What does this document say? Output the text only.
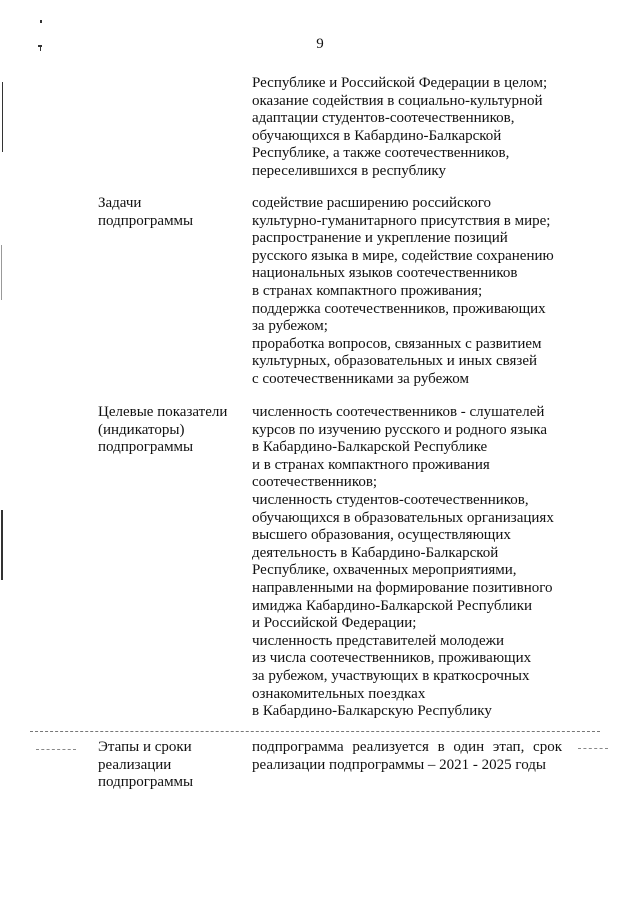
9
Республике и Российской Федерации в целом;
оказание содействия в социально-культурной
адаптации студентов-соотечественников,
обучающихся в Кабардино-Балкарской
Республике, а также соотечественников,
переселившихся в республику
Задачи
подпрограммы
содействие расширению российского
культурно-гуманитарного присутствия в мире;
распространение и укрепление позиций
русского языка в мире, содействие сохранению
национальных языков соотечественников
в странах компактного проживания;
поддержка соотечественников, проживающих
за рубежом;
проработка вопросов, связанных с развитием
культурных, образовательных и иных связей
с соотечественниками за рубежом
Целевые показатели
(индикаторы)
подпрограммы
численность соотечественников - слушателей
курсов по изучению русского и родного языка
в Кабардино-Балкарской Республике
и в странах компактного проживания
соотечественников;
численность студентов-соотечественников,
обучающихся в образовательных организациях
высшего образования, осуществляющих
деятельность в Кабардино-Балкарской
Республике, охваченных мероприятиями,
направленными на формирование позитивного
имиджа Кабардино-Балкарской Республики
и Российской Федерации;
численность представителей молодежи
из числа соотечественников, проживающих
за рубежом, участвующих в краткосрочных
ознакомительных поездках
в Кабардино-Балкарскую Республику
Этапы и сроки
реализации
подпрограммы
подпрограмма реализуется в один этап, срок
реализации подпрограммы – 2021 - 2025 годы
